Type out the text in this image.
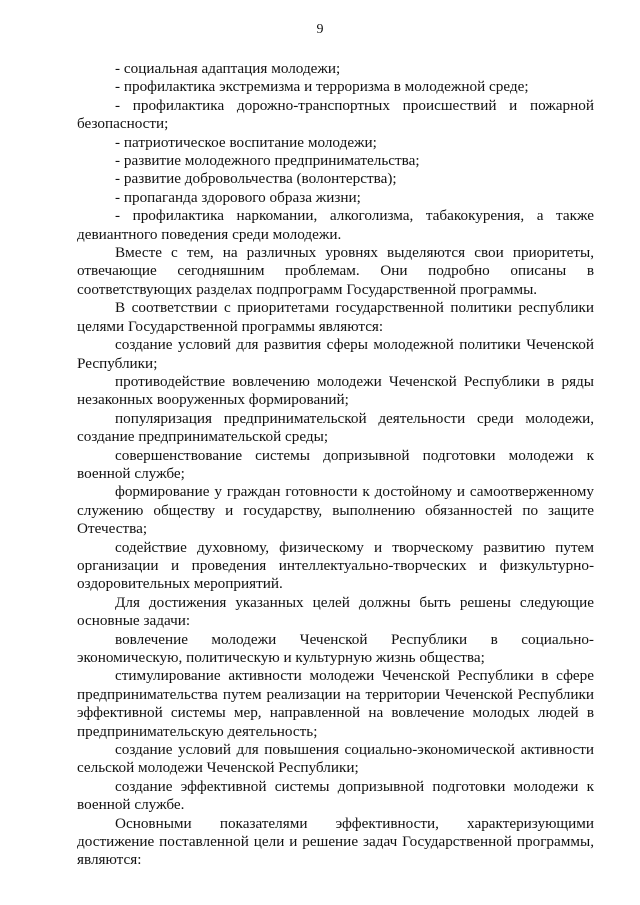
9

- социальная адаптация молодежи;

- профилактика экстремизма и терроризма в молодежной среде;

- профилактика дорожно-транспортных происшествий и пожарной безопасности;

- патриотическое воспитание молодежи;

- развитие молодежного предпринимательства;

- развитие добровольчества (волонтерства);

- пропаганда здорового образа жизни;

- профилактика наркомании, алкоголизма, табакокурения, а также девиантного поведения среди молодежи.

Вместе с тем, на различных уровнях выделяются свои приоритеты, отвечающие сегодняшним проблемам. Они подробно описаны в соответствующих разделах подпрограмм Государственной программы.

В соответствии с приоритетами государственной политики республики целями Государственной программы являются:

создание условий для развития сферы молодежной политики Чеченской Республики;

противодействие вовлечению молодежи Чеченской Республики в ряды незаконных вооруженных формирований;

популяризация предпринимательской деятельности среди молодежи, создание предпринимательской среды;

совершенствование системы допризывной подготовки молодежи к военной службе;

формирование у граждан готовности к достойному и самоотверженному служению обществу и государству, выполнению обязанностей по защите Отечества;

содействие духовному, физическому и творческому развитию путем организации и проведения интеллектуально-творческих и физкультурно-оздоровительных мероприятий.

Для достижения указанных целей должны быть решены следующие основные задачи:

вовлечение молодежи Чеченской Республики в социально-экономическую, политическую и культурную жизнь общества;

стимулирование активности молодежи Чеченской Республики в сфере предпринимательства путем реализации на территории Чеченской Республики эффективной системы мер, направленной на вовлечение молодых людей в предпринимательскую деятельность;

создание условий для повышения социально-экономической активности сельской молодежи Чеченской Республики;

создание эффективной системы допризывной подготовки молодежи к военной службе.

Основными показателями эффективности, характеризующими достижение поставленной цели и решение задач Государственной программы, являются:
